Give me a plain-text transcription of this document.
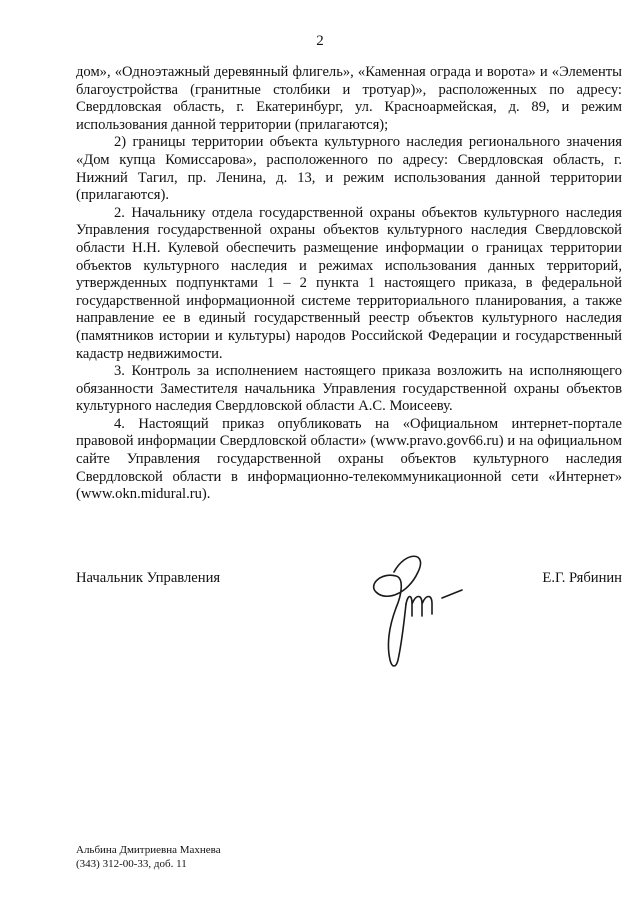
2

дом», «Одноэтажный деревянный флигель», «Каменная ограда и ворота» и «Элементы благоустройства (гранитные столбики и тротуар)», расположенных по адресу: Свердловская область, г. Екатеринбург, ул. Красноармейская, д. 89, и режим использования данной территории (прилагаются);

2) границы территории объекта культурного наследия регионального значения «Дом купца Комиссарова», расположенного по адресу: Свердловская область, г. Нижний Тагил, пр. Ленина, д. 13, и режим использования данной территории (прилагаются).

2. Начальнику отдела государственной охраны объектов культурного наследия Управления государственной охраны объектов культурного наследия Свердловской области Н.Н. Кулевой обеспечить размещение информации о границах территории объектов культурного наследия и режимах использования данных территорий, утвержденных подпунктами 1 – 2 пункта 1 настоящего приказа, в федеральной государственной информационной системе территориального планирования, а также направление ее в единый государственный реестр объектов культурного наследия (памятников истории и культуры) народов Российской Федерации и государственный кадастр недвижимости.

3. Контроль за исполнением настоящего приказа возложить на исполняющего обязанности Заместителя начальника Управления государственной охраны объектов культурного наследия Свердловской области А.С. Моисееву.

4. Настоящий приказ опубликовать на «Официальном интернет-портале правовой информации Свердловской области» (www.pravo.gov66.ru) и на официальном сайте Управления государственной охраны объектов культурного наследия Свердловской области в информационно-телекоммуникационной сети «Интернет» (www.okn.midural.ru).

Начальник Управления	Е.Г. Рябинин
Альбина Дмитриевна Махнева
(343) 312-00-33, доб. 11
